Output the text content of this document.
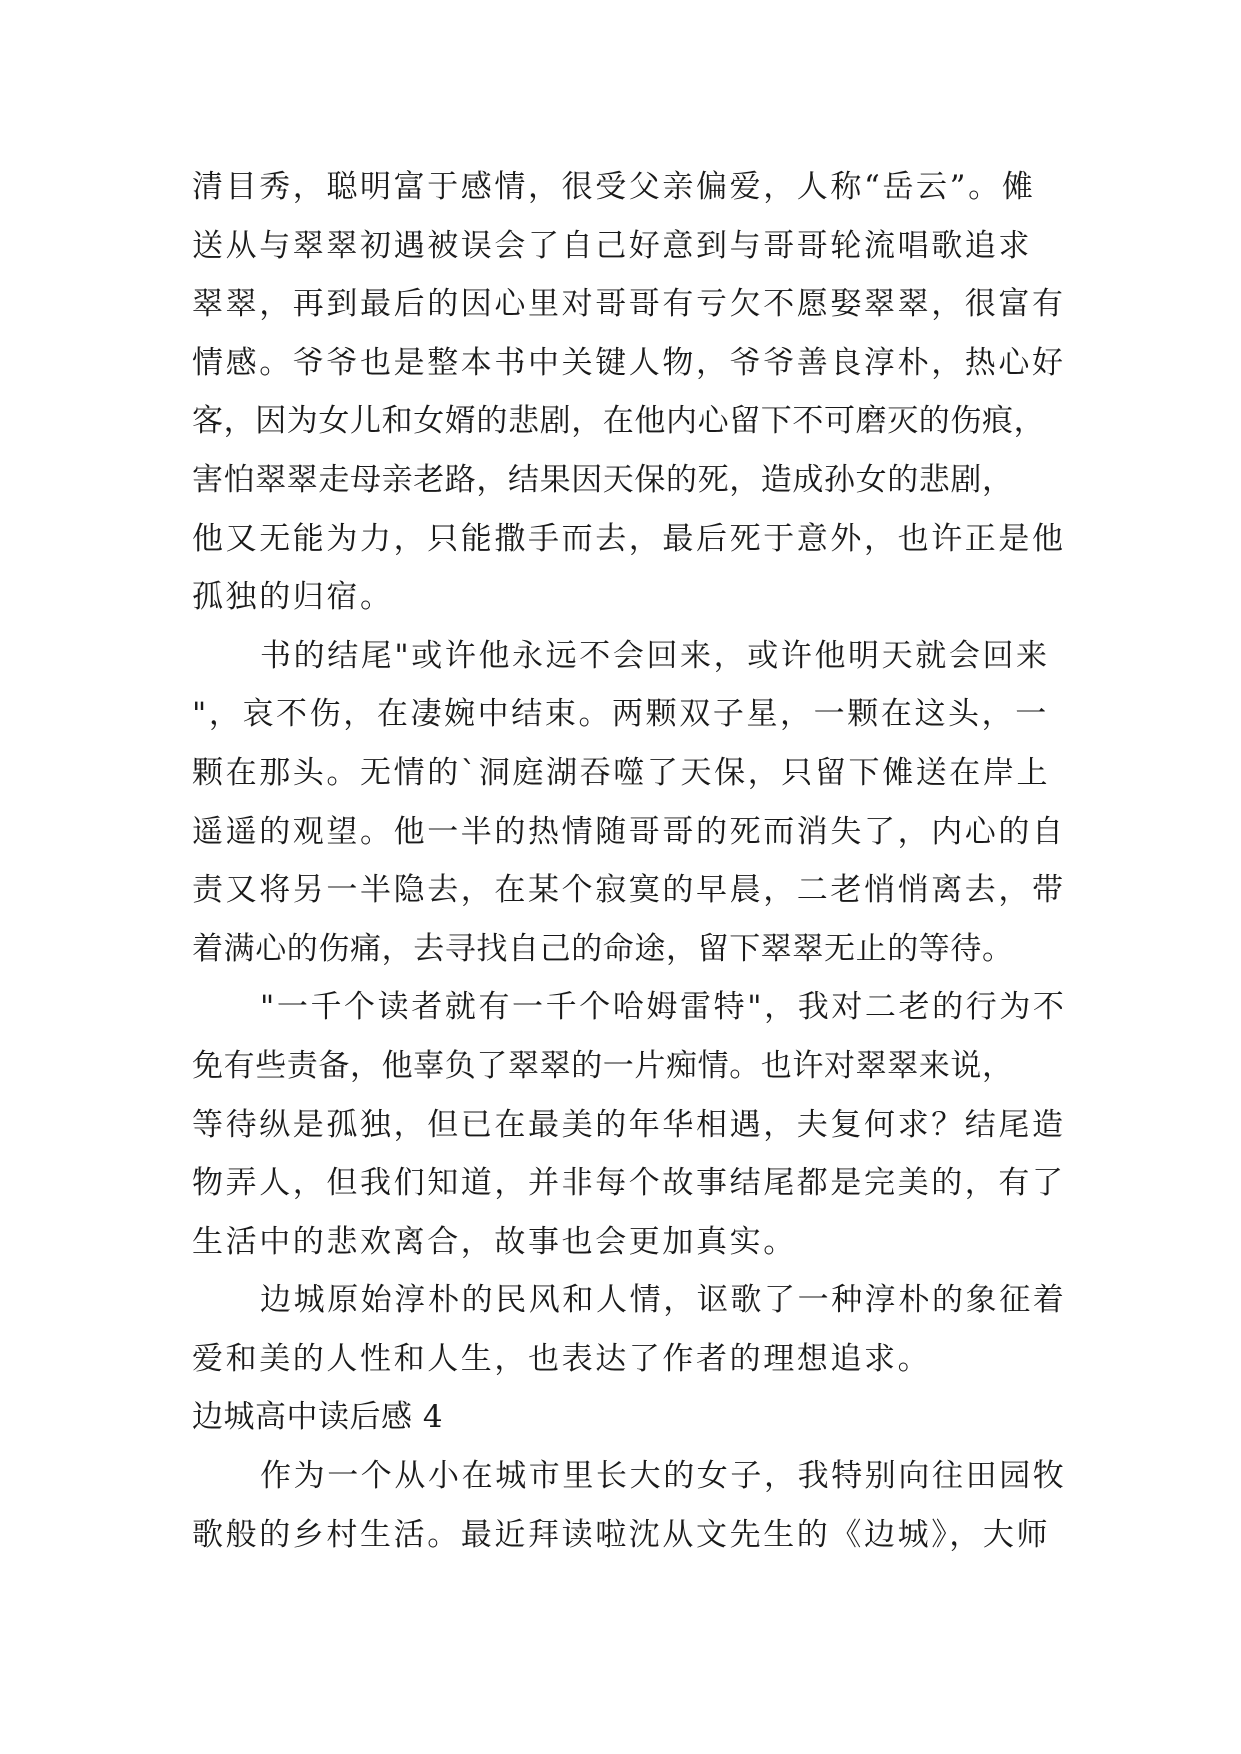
清目秀，聪明富于感情，很受父亲偏爱，人称“岳云”。傩
送从与翠翠初遇被误会了自己好意到与哥哥轮流唱歌追求
翠翠，再到最后的因心里对哥哥有亏欠不愿娶翠翠，很富有
情感。爷爷也是整本书中关键人物，爷爷善良淳朴，热心好
客，因为女儿和女婿的悲剧，在他内心留下不可磨灭的伤痕，
害怕翠翠走母亲老路，结果因天保的死，造成孙女的悲剧，
他又无能为力，只能撒手而去，最后死于意外，也许正是他
孤独的归宿。
书的结尾"或许他永远不会回来，或许他明天就会回来
"，哀不伤，在凄婉中结束。两颗双子星，一颗在这头，一
颗在那头。无情的`洞庭湖吞噬了天保，只留下傩送在岸上
遥遥的观望。他一半的热情随哥哥的死而消失了，内心的自
责又将另一半隐去，在某个寂寞的早晨，二老悄悄离去，带
着满心的伤痛，去寻找自己的命途，留下翠翠无止的等待。
"一千个读者就有一千个哈姆雷特"，我对二老的行为不
免有些责备，他辜负了翠翠的一片痴情。也许对翠翠来说，
等待纵是孤独，但已在最美的年华相遇，夫复何求？结尾造
物弄人，但我们知道，并非每个故事结尾都是完美的，有了
生活中的悲欢离合，故事也会更加真实。
边城原始淳朴的民风和人情，讴歌了一种淳朴的象征着
爱和美的人性和人生，也表达了作者的理想追求。
边城高中读后感 4
作为一个从小在城市里长大的女子，我特别向往田园牧
歌般的乡村生活。最近拜读啦沈从文先生的《边城》，大师
